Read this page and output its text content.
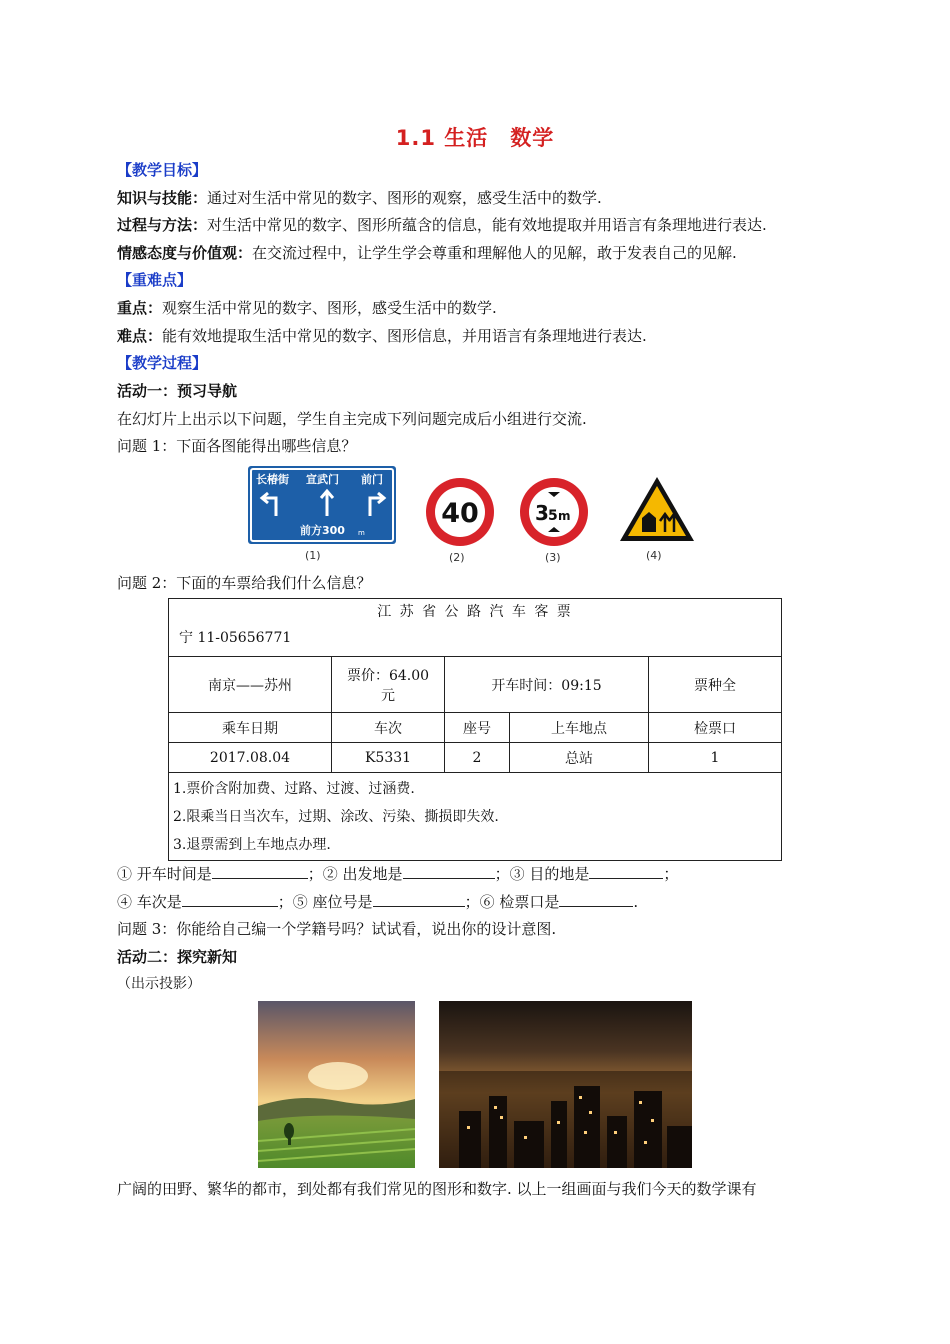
1.1 生活　数学
【教学目标】
知识与技能：通过对生活中常见的数字、图形的观察，感受生活中的数学.
过程与方法：对生活中常见的数字、图形所蕴含的信息，能有效地提取并用语言有条理地进行表达.
情感态度与价值观：在交流过程中，让学生学会尊重和理解他人的见解，敢于发表自己的见解.
【重难点】
重点：观察生活中常见的数字、图形，感受生活中的数学.
难点：能有效地提取生活中常见的数字、图形信息，并用语言有条理地进行表达.
【教学过程】
活动一：预习导航
在幻灯片上出示以下问题，学生自主完成下列问题完成后小组进行交流.
问题 1：下面各图能得出哪些信息？
长椿街 宣武门 前门
前方300 m
(1)
40
(2)
3 5 m
(3)	(4)
问题 2：下面的车票给我们什么信息？
江 苏 省 公 路 汽 车 客 票
宁 11-05656771				

南京——苏州	票价：64.00 元	开车时间：09:15		票种全
乘车日期	车次	座号	上车地点	检票口
2017.08.04	K5331	2	总站	1

1.票价含附加费、过路、过渡、过涵费.
2.限乘当日当次车，过期、涂改、污染、撕损即失效.
3.退票需到上车地点办理.				
① 开车时间是	；② 出发地是	；③ 目的地是	；
④ 车次是	；⑤ 座位号是	；⑥ 检票口是	.
问题 3：你能给自己编一个学籍号吗？试试看，说出你的设计意图.
活动二：探究新知
（出示投影）
广阔的田野、繁华的都市，到处都有我们常见的图形和数字. 以上一组画面与我们今天的数学课有
